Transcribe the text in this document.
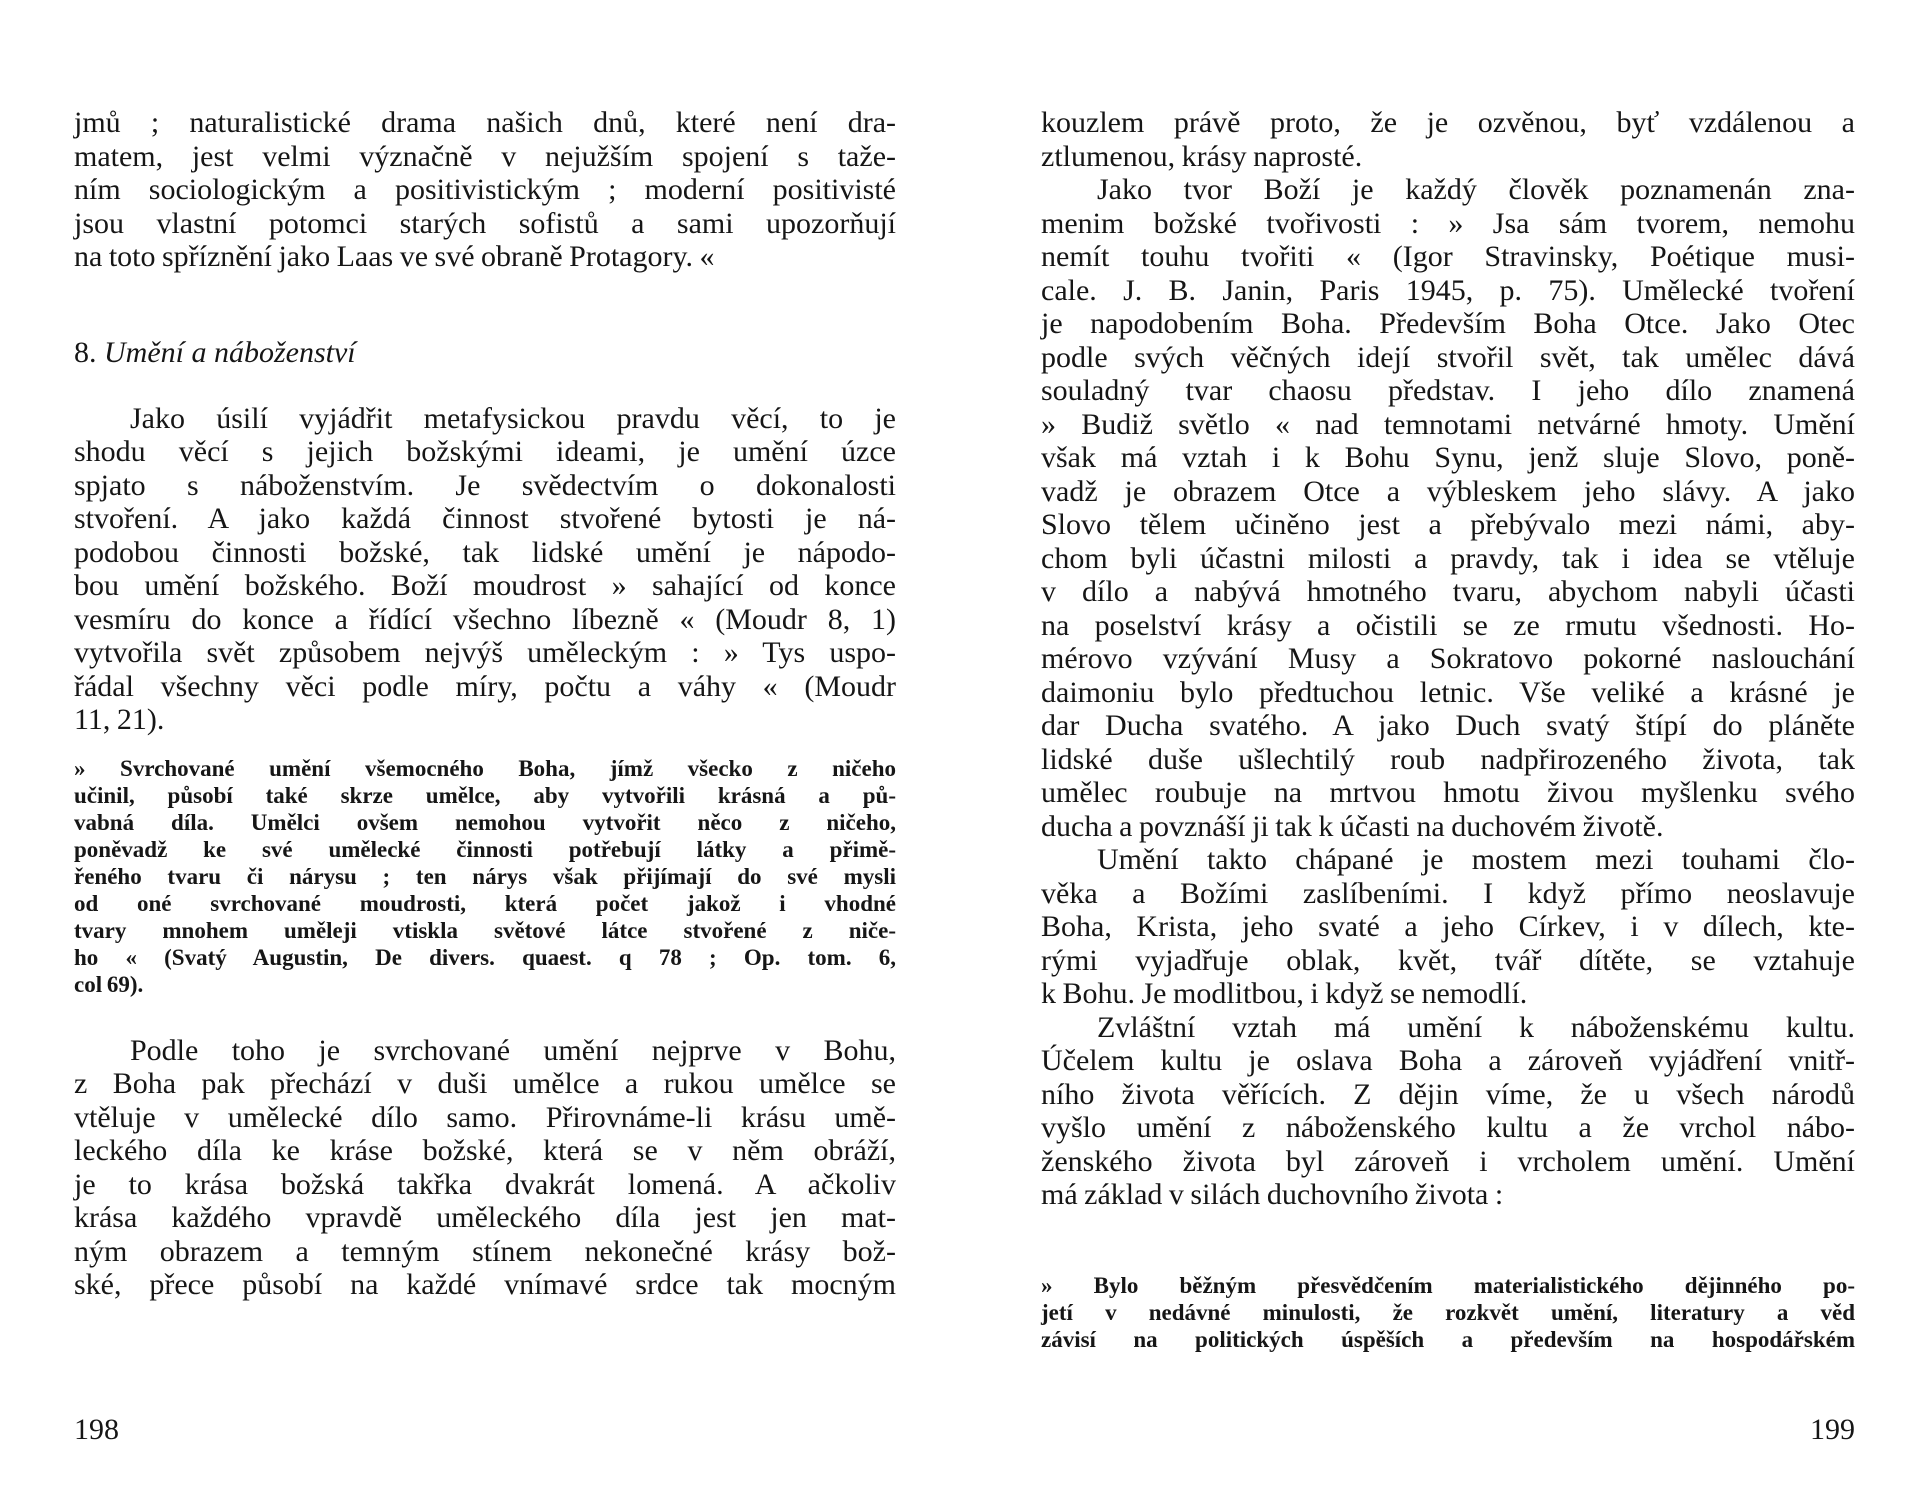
jmů ; naturalistické drama našich dnů, které není dra-
matem, jest velmi význačně v nejužším spojení s taže-
ním sociologickým a positivistickým ; moderní positivisté
jsou vlastní potomci starých sofistů a sami upozorňují
na toto spříznění jako Laas ve své obraně Protagory. «
8. Umění a náboženství
Jako úsilí vyjádřit metafysickou pravdu věcí, to je
shodu věcí s jejich božskými ideami, je umění úzce
spjato s náboženstvím. Je svědectvím o dokonalosti
stvoření. A jako každá činnost stvořené bytosti je ná-
podobou činnosti božské, tak lidské umění je nápodo-
bou umění božského. Boží moudrost » sahající od konce
vesmíru do konce a řídící všechno líbezně « (Moudr 8, 1)
vytvořila svět způsobem nejvýš uměleckým : » Tys uspo-
řádal všechny věci podle míry, počtu a váhy « (Moudr
11, 21).
» Svrchované umění všemocného Boha, jímž všecko z ničeho
učinil, působí také skrze umělce, aby vytvořili krásná a pů-
vabná díla. Umělci ovšem nemohou vytvořit něco z ničeho,
poněvadž ke své umělecké činnosti potřebují látky a přimě-
řeného tvaru či nárysu ; ten nárys však přijímají do své mysli
od oné svrchované moudrosti, která počet jakož i vhodné
tvary mnohem uměleji vtiskla světové látce stvořené z niče-
ho « (Svatý Augustin, De divers. quaest. q 78 ; Op. tom. 6,
col 69).
Podle toho je svrchované umění nejprve v Bohu,
z Boha pak přechází v duši umělce a rukou umělce se
vtěluje v umělecké dílo samo. Přirovnáme-li krásu umě-
leckého díla ke kráse božské, která se v něm obráží,
je to krása božská takřka dvakrát lomená. A ačkoliv
krása každého vpravdě uměleckého díla jest jen mat-
ným obrazem a temným stínem nekonečné krásy bož-
ské, přece působí na každé vnímavé srdce tak mocným
198
kouzlem právě proto, že je ozvěnou, byť vzdálenou a
ztlumenou, krásy naprosté.
Jako tvor Boží je každý člověk poznamenán zna-
menim božské tvořivosti : » Jsa sám tvorem, nemohu
nemít touhu tvořiti « (Igor Stravinsky, Poétique musi-
cale. J. B. Janin, Paris 1945, p. 75). Umělecké tvoření
je napodobením Boha. Především Boha Otce. Jako Otec
podle svých věčných idejí stvořil svět, tak umělec dává
souladný tvar chaosu představ. I jeho dílo znamená
» Budiž světlo « nad temnotami netvárné hmoty. Umění
však má vztah i k Bohu Synu, jenž sluje Slovo, poně-
vadž je obrazem Otce a výbleskem jeho slávy. A jako
Slovo tělem učiněno jest a přebývalo mezi námi, aby-
chom byli účastni milosti a pravdy, tak i idea se vtěluje
v dílo a nabývá hmotného tvaru, abychom nabyli účasti
na poselství krásy a očistili se ze rmutu všednosti. Ho-
mérovo vzývání Musy a Sokratovo pokorné naslouchání
daimoniu bylo předtuchou letnic. Vše veliké a krásné je
dar Ducha svatého. A jako Duch svatý štípí do pláněte
lidské duše ušlechtilý roub nadpřirozeného života, tak
umělec roubuje na mrtvou hmotu živou myšlenku svého
ducha a povznáší ji tak k účasti na duchovém životě.
Umění takto chápané je mostem mezi touhami člo-
věka a Božími zaslíbeními. I když přímo neoslavuje
Boha, Krista, jeho svaté a jeho Církev, i v dílech, kte-
rými vyjadřuje oblak, květ, tvář dítěte, se vztahuje
k Bohu. Je modlitbou, i když se nemodlí.
Zvláštní vztah má umění k náboženskému kultu.
Účelem kultu je oslava Boha a zároveň vyjádření vnitř-
ního života věřících. Z dějin víme, že u všech národů
vyšlo umění z náboženského kultu a že vrchol nábo-
ženského života byl zároveň i vrcholem umění. Umění
má základ v silách duchovního života :
» Bylo běžným přesvědčením materialistického dějinného po-
jetí v nedávné minulosti, že rozkvět umění, literatury a věd
závisí na politických úspěších a především na hospodářském
199
